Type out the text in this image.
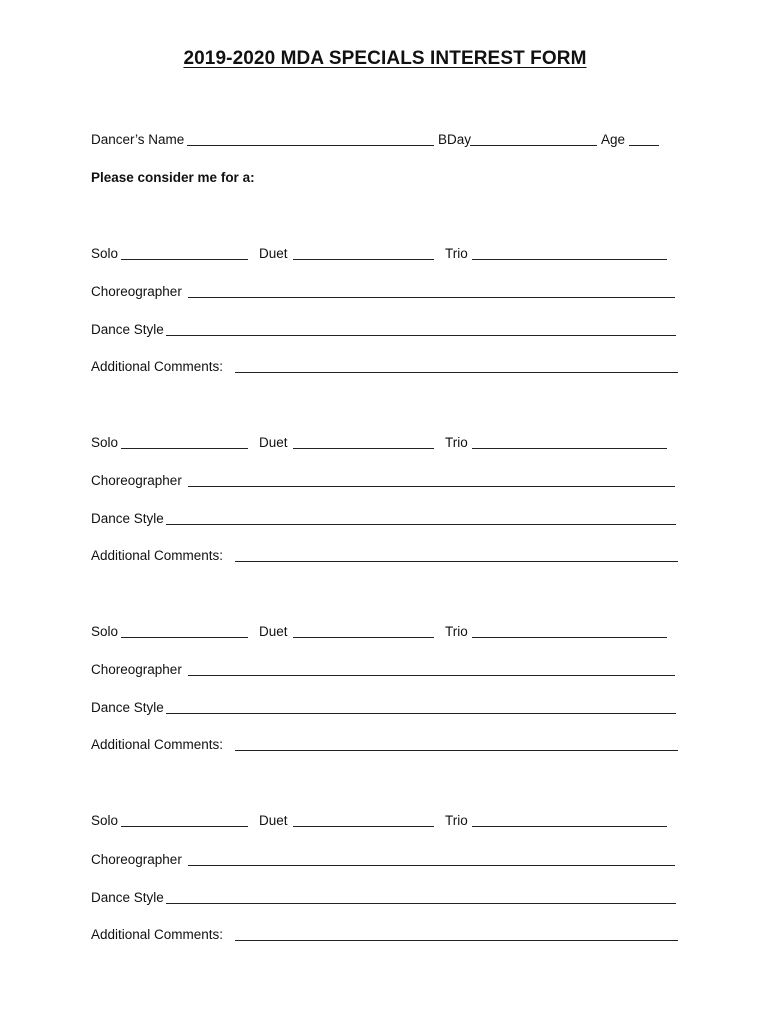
2019-2020 MDA SPECIALS INTEREST FORM
Dancer’s Name	BDay	Age
Please consider me for a:
Solo	Duet	Trio
Choreographer
Dance Style
Additional Comments:
Solo	Duet	Trio
Choreographer
Dance Style
Additional Comments:
Solo	Duet	Trio
Choreographer
Dance Style
Additional Comments:
Solo	Duet	Trio
Choreographer
Dance Style
Additional Comments:
